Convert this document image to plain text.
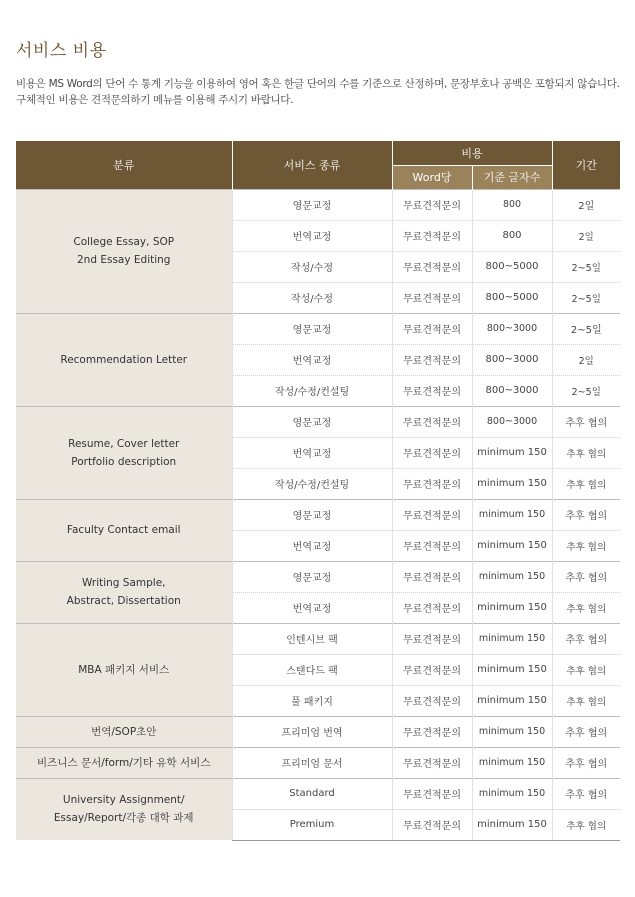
서비스 비용
비용은 MS Word의 단어 수 통계 기능을 이용하여 영어 혹은 한글 단어의 수를 기준으로 산정하며, 문장부호나 공백은 포함되지 않습니다.
구체적인 비용은 견적문의하기 메뉴를 이용해 주시기 바랍니다.
분류	서비스 종류	비용		기간
		Word당	기준 글자수	

College Essay, SOP
2nd Essay Editing	영문교정	무료견적문의	800	2일
	번역교정	무료견적문의	800	2일
	작성/수정	무료견적문의	800~5000	2~5일
	작성/수정	무료견적문의	800~5000	2~5일

Recommendation Letter	영문교정	무료견적문의	800~3000	2~5일
	번역교정	무료견적문의	800~3000	2일
	작성/수정/컨설팅	무료견적문의	800~3000	2~5일

Resume, Cover letter
Portfolio description	영문교정	무료견적문의	800~3000	추후 협의
	번역교정	무료견적문의	minimum 150	추후 협의
	작성/수정/컨설팅	무료견적문의	minimum 150	추후 협의

Faculty Contact email	영문교정	무료견적문의	minimum 150	추후 협의
	번역교정	무료견적문의	minimum 150	추후 협의

Writing Sample,
Abstract, Dissertation	영문교정	무료견적문의	minimum 150	추후 협의
	번역교정	무료견적문의	minimum 150	추후 협의

MBA 패키지 서비스	인텐시브 팩	무료견적문의	minimum 150	추후 협의
	스탠다드 팩	무료견적문의	minimum 150	추후 협의
	풀 패키지	무료견적문의	minimum 150	추후 협의

번역/SOP초안	프리미엄 번역	무료견적문의	minimum 150	추후 협의

비즈니스 문서/form/기타 유학 서비스	프리미엄 문서	무료견적문의	minimum 150	추후 협의

University Assignment/
Essay/Report/각종 대학 과제	Standard	무료견적문의	minimum 150	추후 협의
	Premium	무료견적문의	minimum 150	추후 협의
